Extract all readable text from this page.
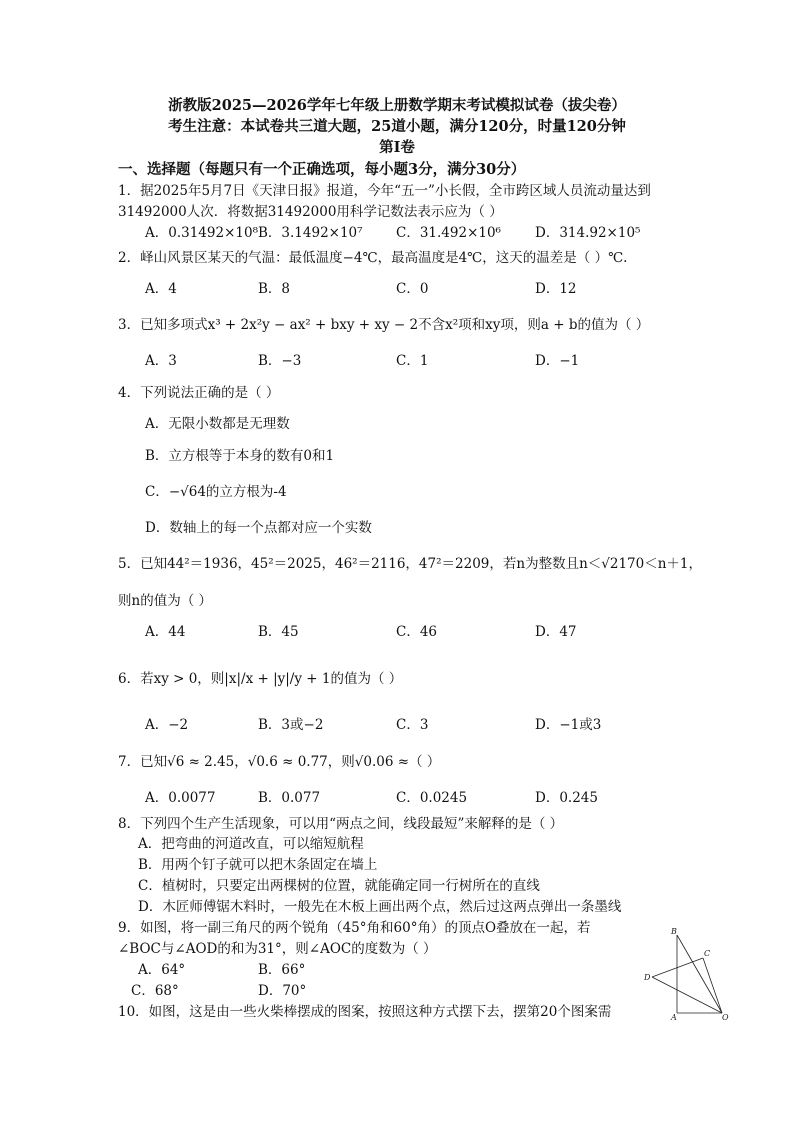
浙教版2025—2026学年七年级上册数学期末考试模拟试卷（拔尖卷）
考生注意：本试卷共三道大题，25道小题，满分120分，时量120分钟
第Ⅰ卷
一、选择题（每题只有一个正确选项，每小题3分，满分30分）
1．据2025年5月7日《天津日报》报道，今年“五一”小长假，全市跨区域人员流动量达到
31492000人次．将数据31492000用科学记数法表示应为（ ）
A．0.31492×10⁸ B．3.1492×10⁷ C．31.492×10⁶	D．314.92×10⁵
2．峄山风景区某天的气温：最低温度−4℃，最高温度是4℃，这天的温差是（ ）℃.
A．4	B．8	C．0	D．12
3．已知多项式x³ + 2x²y − ax² + bxy + xy − 2不含x²项和xy项，则a + b的值为（ ）
A．3	B．−3	C．1	D．−1
4．下列说法正确的是（ ）
A．无限小数都是无理数
B．立方根等于本身的数有0和1
C．−√64的立方根为-4
D．数轴上的每一个点都对应一个实数
5．已知44²＝1936，45²＝2025，46²＝2116，47²＝2209，若n为整数且n＜√2170＜n＋1，
则n的值为（ ）
A．44	B．45	C．46	D．47
6．若xy > 0，则|x|/x + |y|/y + 1的值为（ ）
A．−2	B．3或−2	C．3	D．−1或3
7．已知√6 ≈ 2.45，√0.6 ≈ 0.77，则√0.06 ≈（ ）
A．0.0077	B．0.077	C．0.0245	D．0.245
8．下列四个生产生活现象，可以用“两点之间，线段最短”来解释的是（ ）
A．把弯曲的河道改直，可以缩短航程
B．用两个钉子就可以把木条固定在墙上
C．植树时，只要定出两棵树的位置，就能确定同一行树所在的直线
D．木匠师傅锯木料时，一般先在木板上画出两个点，然后过这两点弹出一条墨线
9．如图，将一副三角尺的两个锐角（45°角和60°角）的顶点O叠放在一起，若
∠BOC与∠AOD的和为31°，则∠AOC的度数为（ ）
A．64°	B．66°
C．68°	D．70°
B
C
D
A	O
10．如图，这是由一些火柴棒摆成的图案，按照这种方式摆下去，摆第20个图案需
